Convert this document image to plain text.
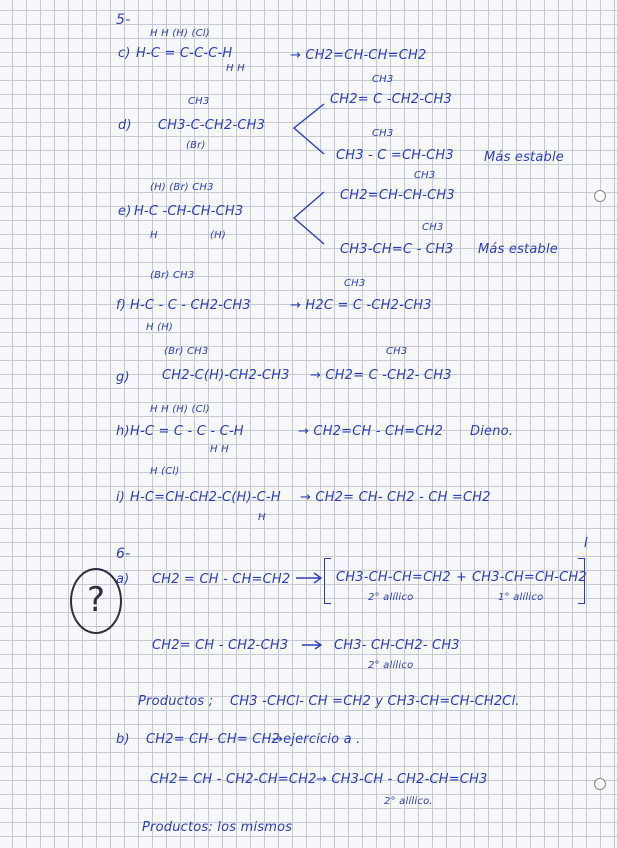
5-
H H (H) (Cl)
c) H-C = C-C-C-H
H H
→ CH2=CH-CH=CH2
CH3
d) CH3-C-CH2-CH3
(Br)
CH3
CH2= C -CH2-CH3
CH3
CH3 - C =CH-CH3 Más estable
(H) (Br) CH3
e) H-C -CH-CH-CH3
H	(H)
CH3
CH2=CH-CH-CH3
CH3
CH3-CH=C - CH3 Más estable
(Br) CH3
f) H-C - C - CH2-CH3
H (H)
CH3
→ H2C = C -CH2-CH3
(Br) CH3
g) CH2-C(H)-CH2-CH3
CH3
→ CH2= C -CH2- CH3
H H (H) (Cl)
h) H-C = C - C - C-H
H H
→ CH2=CH - CH=CH2 Dieno.
H (Cl)
i) H-C=CH-CH2-C(H)-C-H
H
→ CH2= CH- CH2 - CH =CH2
6-
?
a) CH2 = CH - CH=CH2	CH3-CH-CH=CH2
2° alílico
+ CH3-CH=CH-CH2
1° alílico
I
CH2= CH - CH2-CH3	CH3- CH-CH2- CH3
2° alílico
Productos ; CH3 -CHCl- CH =CH2 y CH3-CH=CH-CH2Cl.
b) CH2= CH- CH= CH2
→ejercicio a .
CH2= CH - CH2-CH=CH2 → CH3-CH - CH2-CH=CH3
2° alílico.
Productos: los mismos
